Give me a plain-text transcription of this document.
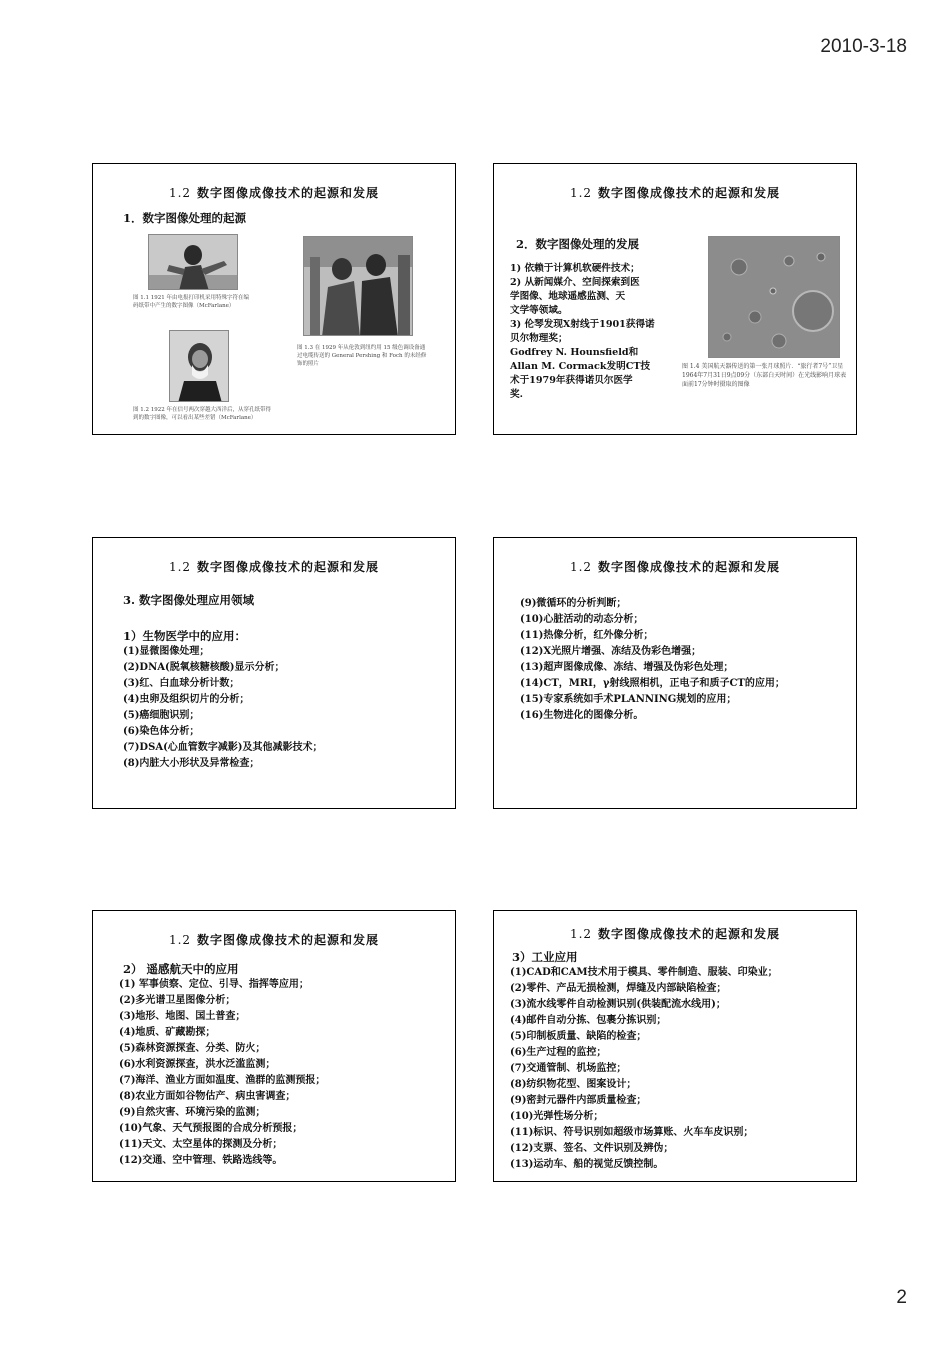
2010-3-18
1.2 数字图像成像技术的起源和发展
1．数字图像处理的起源
图 1.1 1921 年由电报打印机采用特殊字符在编码纸带中产生的数字图像（McFarlane）
图 1.3 在 1929 年从伦敦到纽约用 15 级色调设备通过电缆传送的 General Pershing 和 Foch 的未经修饰的照片
图 1.2 1922 年在信号两次穿越大西洋后，从穿孔纸带得到的数字图像，可以看出某些差错（McFarlane）
1.2 数字图像成像技术的起源和发展
2．数字图像处理的发展
1) 依赖于计算机软硬件技术；
2) 从新闻媒介、空间探索到医
学图像、地球遥感监测、天
文学等领域。
3) 伦琴发现X射线于1901获得诺
贝尔物理奖；
Godfrey N. Hounsfield和
Allan M. Cormack发明CT技
术于1979年获得诺贝尔医学
奖.
图 1.4 美国航天器传送的第一张月球照片．“旅行者7号”卫星1964年7月31日9点09分（东部白天时间）在光线影响月球表面前17分钟时摄取的图像
1.2 数字图像成像技术的起源和发展
3. 数字图像处理应用领域
1）生物医学中的应用：
(1)显微图像处理；
(2)DNA(脱氧核糖核酸)显示分析；
(3)红、白血球分析计数；
(4)虫卵及组织切片的分析；
(5)癌细胞识别；
(6)染色体分析；
(7)DSA(心血管数字减影)及其他减影技术；
(8)内脏大小形状及异常检查；
1.2 数字图像成像技术的起源和发展
(9)微循环的分析判断；
(10)心脏活动的动态分析；
(11)热像分析，红外像分析；
(12)X光照片增强、冻结及伪彩色增强；
(13)超声图像成像、冻结、增强及伪彩色处理；
(14)CT，MRI，γ射线照相机，正电子和质子CT的应用；
(15)专家系统如手术PLANNING规划的应用；
(16)生物进化的图像分析。
1.2 数字图像成像技术的起源和发展
2） 遥感航天中的应用
(1) 军事侦察、定位、引导、指挥等应用；
(2)多光谱卫星图像分析；
(3)地形、地图、国土普查；
(4)地质、矿藏勘探；
(5)森林资源探查、分类、防火；
(6)水利资源探查，洪水泛滥监测；
(7)海洋、渔业方面如温度、渔群的监测预报；
(8)农业方面如谷物估产、病虫害调查；
(9)自然灾害、环境污染的监测；
(10)气象、天气预报图的合成分析预报；
(11)天文、太空星体的探测及分析；
(12)交通、空中管理、铁路选线等。
1.2 数字图像成像技术的起源和发展
3）工业应用
(1)CAD和CAM技术用于模具、零件制造、服装、印染业；
(2)零件、产品无损检测，焊缝及内部缺陷检查；
(3)流水线零件自动检测识别(供装配流水线用)；
(4)邮件自动分拣、包裹分拣识别；
(5)印制板质量、缺陷的检查；
(6)生产过程的监控；
(7)交通管制、机场监控；
(8)纺织物花型、图案设计；
(9)密封元器件内部质量检查；
(10)光弹性场分析；
(11)标识、符号识别如超级市场算账、火车车皮识别；
(12)支票、签名、文件识别及辨伪；
(13)运动车、船的视觉反馈控制。
2
